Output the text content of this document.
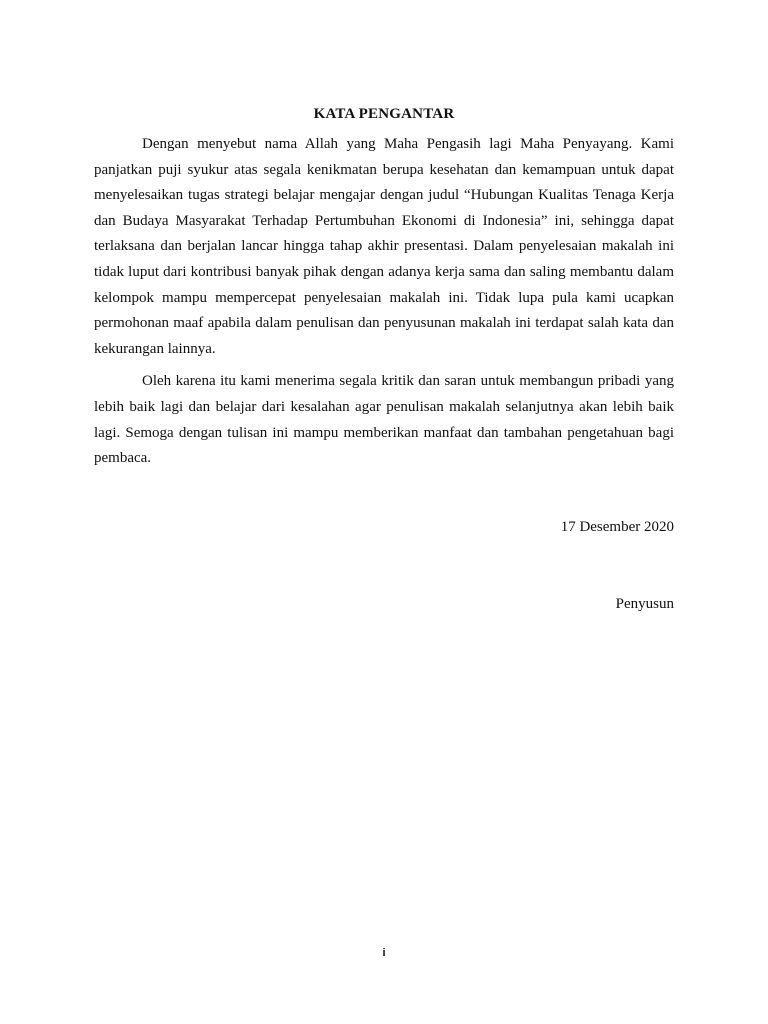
KATA PENGANTAR

Dengan menyebut nama Allah yang Maha Pengasih lagi Maha Penyayang. Kami panjatkan puji syukur atas segala kenikmatan berupa kesehatan dan kemampuan untuk dapat menyelesaikan tugas strategi belajar mengajar dengan judul “Hubungan Kualitas Tenaga Kerja dan Budaya Masyarakat Terhadap Pertumbuhan Ekonomi di Indonesia” ini, sehingga dapat terlaksana dan berjalan lancar hingga tahap akhir presentasi. Dalam penyelesaian makalah ini tidak luput dari kontribusi banyak pihak dengan adanya kerja sama dan saling membantu dalam kelompok mampu mempercepat penyelesaian makalah ini. Tidak lupa pula kami ucapkan permohonan maaf apabila dalam penulisan dan penyusunan makalah ini terdapat salah kata dan kekurangan lainnya.

Oleh karena itu kami menerima segala kritik dan saran untuk membangun pribadi yang lebih baik lagi dan belajar dari kesalahan agar penulisan makalah selanjutnya akan lebih baik lagi. Semoga dengan tulisan ini mampu memberikan manfaat dan tambahan pengetahuan bagi pembaca.

17 Desember 2020
Penyusun
i
